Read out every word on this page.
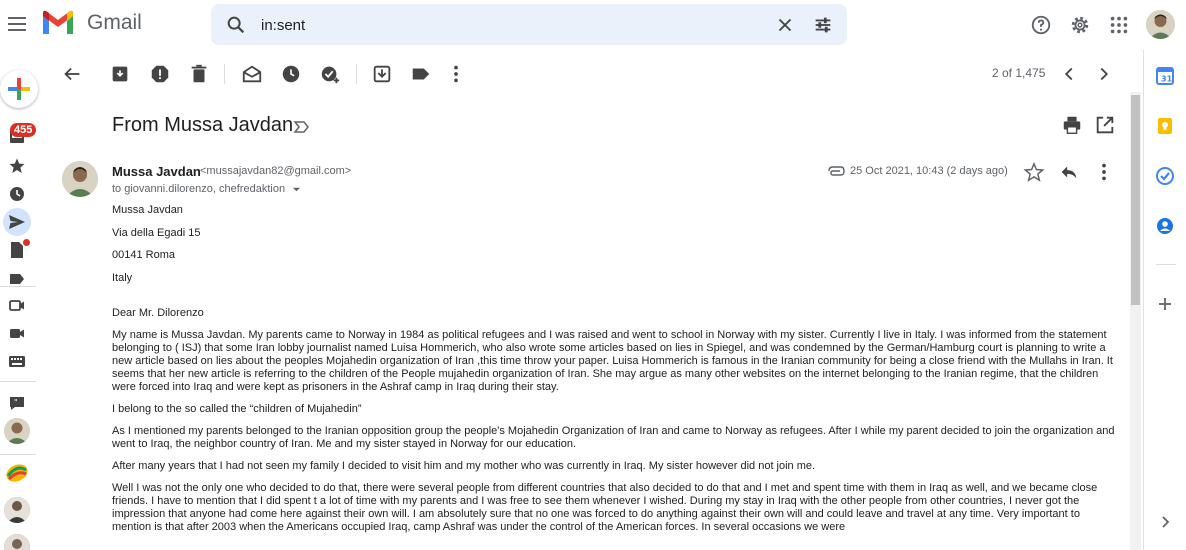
Gmail
in:sent
455
"
2 of 1,475
From Mussa Javdan
Mussa Javdan <mussajavdan82@gmail.com>
to giovanni.dilorenzo, chefredaktion
25 Oct 2021, 10:43 (2 days ago)

Mussa Javdan

Via della Egadi 15

00141 Roma

Italy

Dear Mr. Dilorenzo

My name is Mussa Javdan. My parents came to Norway in 1984 as political refugees and I was raised and went to school in Norway with my sister. Currently I live in Italy. I was informed from the statement belonging to ( ISJ) that some Iran lobby journalist named Luisa Hommerich, who also wrote some articles based on lies in Spiegel, and was condemned by the German/Hamburg court is planning to write a new article based on lies about the peoples Mojahedin organization of Iran ,this time throw your paper. Luisa Hommerich is famous in the Iranian community for being a close friend with the Mullahs in Iran. It seems that her new article is referring to the children of the People mujahedin organization of Iran. She may argue as many other websites on the internet belonging to the Iranian regime, that the children were forced into Iraq and were kept as prisoners in the Ashraf camp in Iraq during their stay.

I belong to the so called the “children of Mujahedin”

As I mentioned my parents belonged to the Iranian opposition group the people's Mojahedin Organization of Iran and came to Norway as refugees. After I while my parent decided to join the organization and went to Iraq, the neighbor country of Iran. Me and my sister stayed in Norway for our education.

After many years that I had not seen my family I decided to visit him and my mother who was currently in Iraq. My sister however did not join me.

Well I was not the only one who decided to do that, there were several people from different countries that also decided to do that and I met and spent time with them in Iraq as well, and we became close friends. I have to mention that I did spent t a lot of time with my parents and I was free to see them whenever I wished. During my stay in Iraq with the other people from other countries, I never got the impression that anyone had come here against their own will. I am absolutely sure that no one was forced to do anything against their own will and could leave and travel at any time. Very important to mention is that after 2003 when the Americans occupied Iraq, camp Ashraf was under the control of the American forces. In several occasions we were

31
